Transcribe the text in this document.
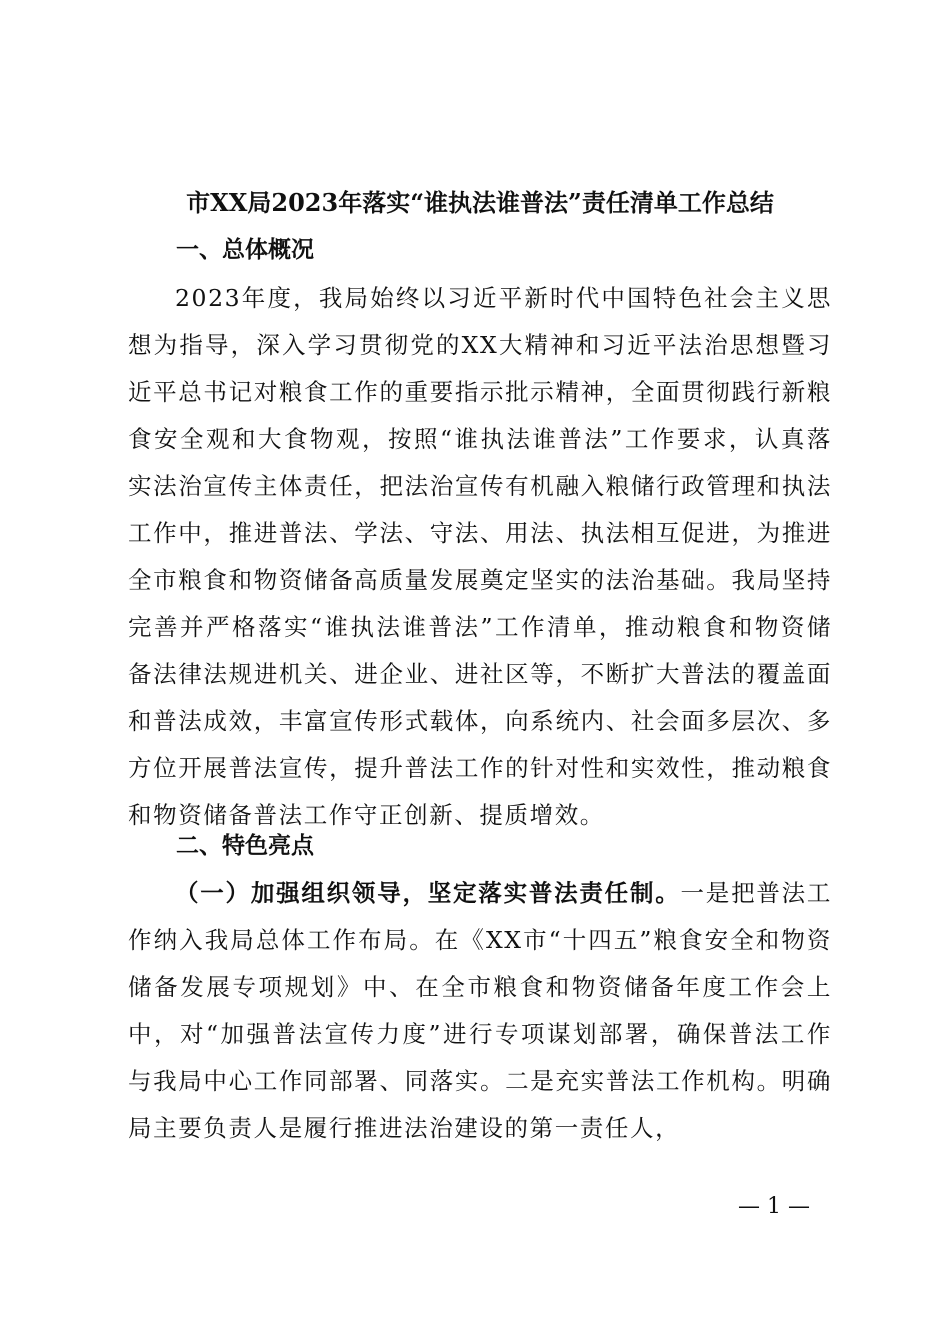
市XX局2023年落实“谁执法谁普法”责任清单工作总结
一、总体概况

2023年度，我局始终以习近平新时代中国特色社会主义思想为指导，深入学习贯彻党的XX大精神和习近平法治思想暨习近平总书记对粮食工作的重要指示批示精神，全面贯彻践行新粮食安全观和大食物观，按照“谁执法谁普法”工作要求，认真落实法治宣传主体责任，把法治宣传有机融入粮储行政管理和执法工作中，推进普法、学法、守法、用法、执法相互促进，为推进全市粮食和物资储备高质量发展奠定坚实的法治基础。我局坚持完善并严格落实“谁执法谁普法”工作清单，推动粮食和物资储备法律法规进机关、进企业、进社区等，不断扩大普法的覆盖面和普法成效，丰富宣传形式载体，向系统内、社会面多层次、多方位开展普法宣传，提升普法工作的针对性和实效性，推动粮食和物资储备普法工作守正创新、提质增效。

二、特色亮点

（一）加强组织领导，坚定落实普法责任制。一是把普法工作纳入我局总体工作布局。在《XX市“十四五”粮食安全和物资储备发展专项规划》中、在全市粮食和物资储备年度工作会上中，对“加强普法宣传力度”进行专项谋划部署，确保普法工作与我局中心工作同部署、同落实。二是充实普法工作机构。明确局主要负责人是履行推进法治建设的第一责任人，

— 1 —
